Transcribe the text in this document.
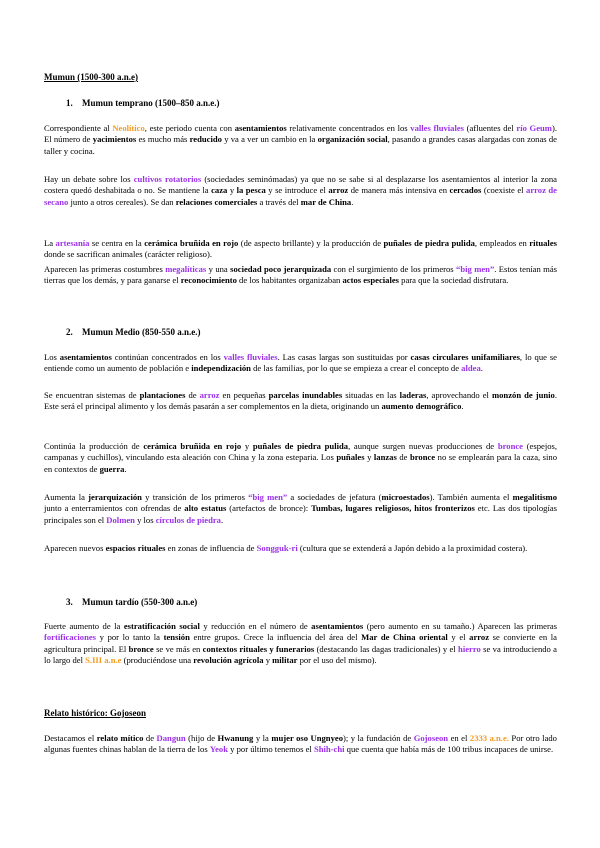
Mumun (1500-300 a.n.e)
1. Mumun temprano (1500–850 a.n.e.)

Correspondiente al Neolítico, este periodo cuenta con asentamientos relativamente concentrados en los valles fluviales (afluentes del río Geum). El número de yacimientos es mucho más reducido y va a ver un cambio en la organización social, pasando a grandes casas alargadas con zonas de taller y cocina.

Hay un debate sobre los cultivos rotatorios (sociedades seminómadas) ya que no se sabe si al desplazarse los asentamientos al interior la zona costera quedó deshabitada o no. Se mantiene la caza y la pesca y se introduce el arroz de manera más intensiva en cercados (coexiste el arroz de secano junto a otros cereales). Se dan relaciones comerciales a través del mar de China.

La artesanía se centra en la cerámica bruñida en rojo (de aspecto brillante) y la producción de puñales de piedra pulida, empleados en rituales donde se sacrifican animales (carácter religioso).

Aparecen las primeras costumbres megalíticas y una sociedad poco jerarquizada con el surgimiento de los primeros “big men”. Estos tenían más tierras que los demás, y para ganarse el reconocimiento de los habitantes organizaban actos especiales para que la sociedad disfrutara.

2. Mumun Medio (850-550 a.n.e.)

Los asentamientos continúan concentrados en los valles fluviales. Las casas largas son sustituidas por casas circulares unifamiliares, lo que se entiende como un aumento de población e independización de las familias, por lo que se empieza a crear el concepto de aldea.

Se encuentran sistemas de plantaciones de arroz en pequeñas parcelas inundables situadas en las laderas, aprovechando el monzón de junio. Este será el principal alimento y los demás pasarán a ser complementos en la dieta, originando un aumento demográfico.

Continúa la producción de cerámica bruñida en rojo y puñales de piedra pulida, aunque surgen nuevas producciones de bronce (espejos, campanas y cuchillos), vinculando esta aleación con China y la zona esteparia. Los puñales y lanzas de bronce no se emplearán para la caza, sino en contextos de guerra.

Aumenta la jerarquización y transición de los primeros “big men” a sociedades de jefatura (microestados). También aumenta el megalitismo junto a enterramientos con ofrendas de alto estatus (artefactos de bronce): Tumbas, lugares religiosos, hitos fronterizos etc. Las dos tipologías principales son el Dolmen y los círculos de piedra.

Aparecen nuevos espacios rituales en zonas de influencia de Songguk-ri (cultura que se extenderá a Japón debido a la proximidad costera).

3. Mumun tardío (550-300 a.n.e)

Fuerte aumento de la estratificación social y reducción en el número de asentamientos (pero aumento en su tamaño.) Aparecen las primeras fortificaciones y por lo tanto la tensión entre grupos. Crece la influencia del área del Mar de China oriental y el arroz se convierte en la agricultura principal. El bronce se ve más en contextos rituales y funerarios (destacando las dagas tradicionales) y el hierro se va introduciendo a lo largo del S.III a.n.e (produciéndose una revolución agrícola y militar por el uso del mismo).

Relato histórico: Gojoseon

Destacamos el relato mítico de Dangun (hijo de Hwanung y la mujer oso Ungnyeo); y la fundación de Gojoseon en el 2333 a.n.e. Por otro lado algunas fuentes chinas hablan de la tierra de los Yeok y por último tenemos el Shih-chi que cuenta que había más de 100 tribus incapaces de unirse.
